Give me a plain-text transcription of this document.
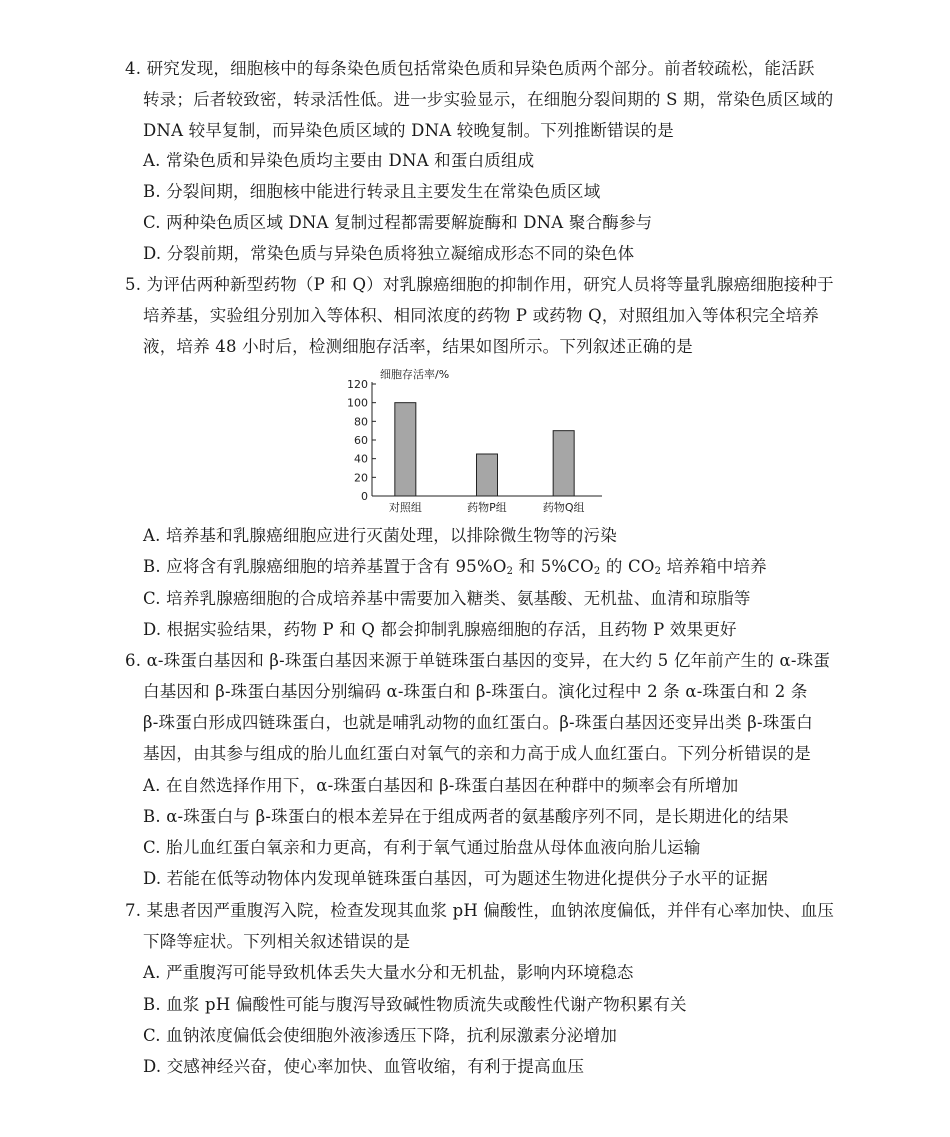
4. 研究发现，细胞核中的每条染色质包括常染色质和异染色质两个部分。前者较疏松，能活跃
转录；后者较致密，转录活性低。进一步实验显示，在细胞分裂间期的 S 期，常染色质区域的
DNA 较早复制，而异染色质区域的 DNA 较晚复制。下列推断错误的是
A. 常染色质和异染色质均主要由 DNA 和蛋白质组成
B. 分裂间期，细胞核中能进行转录且主要发生在常染色质区域
C. 两种染色质区域 DNA 复制过程都需要解旋酶和 DNA 聚合酶参与
D. 分裂前期，常染色质与异染色质将独立凝缩成形态不同的染色体
5. 为评估两种新型药物（P 和 Q）对乳腺癌细胞的抑制作用，研究人员将等量乳腺癌细胞接种于
培养基，实验组分别加入等体积、相同浓度的药物 P 或药物 Q，对照组加入等体积完全培养
液，培养 48 小时后，检测细胞存活率，结果如图所示。下列叙述正确的是
细胞存活率/%
0
20
40
60
80
100
120
对照组	药物P组	药物Q组
A. 培养基和乳腺癌细胞应进行灭菌处理，以排除微生物等的污染
B. 应将含有乳腺癌细胞的培养基置于含有 $95\%O_2$ 和 $5\%CO_2$ 的 $CO_2$ 培养箱中培养
C. 培养乳腺癌细胞的合成培养基中需要加入糖类、氨基酸、无机盐、血清和琼脂等
D. 根据实验结果，药物 P 和 Q 都会抑制乳腺癌细胞的存活，且药物 P 效果更好
6. α-珠蛋白基因和 β-珠蛋白基因来源于单链珠蛋白基因的变异，在大约 5 亿年前产生的 α-珠蛋
白基因和 β-珠蛋白基因分别编码 α-珠蛋白和 β-珠蛋白。演化过程中 2 条 α-珠蛋白和 2 条
β-珠蛋白形成四链珠蛋白，也就是哺乳动物的血红蛋白。β-珠蛋白基因还变异出类 β-珠蛋白
基因，由其参与组成的胎儿血红蛋白对氧气的亲和力高于成人血红蛋白。下列分析错误的是
A. 在自然选择作用下，α-珠蛋白基因和 β-珠蛋白基因在种群中的频率会有所增加
B. α-珠蛋白与 β-珠蛋白的根本差异在于组成两者的氨基酸序列不同，是长期进化的结果
C. 胎儿血红蛋白氧亲和力更高，有利于氧气通过胎盘从母体血液向胎儿运输
D. 若能在低等动物体内发现单链珠蛋白基因，可为题述生物进化提供分子水平的证据
7. 某患者因严重腹泻入院，检查发现其血浆 pH 偏酸性，血钠浓度偏低，并伴有心率加快、血压
下降等症状。下列相关叙述错误的是
A. 严重腹泻可能导致机体丢失大量水分和无机盐，影响内环境稳态
B. 血浆 pH 偏酸性可能与腹泻导致碱性物质流失或酸性代谢产物积累有关
C. 血钠浓度偏低会使细胞外液渗透压下降，抗利尿激素分泌增加
D. 交感神经兴奋，使心率加快、血管收缩，有利于提高血压
